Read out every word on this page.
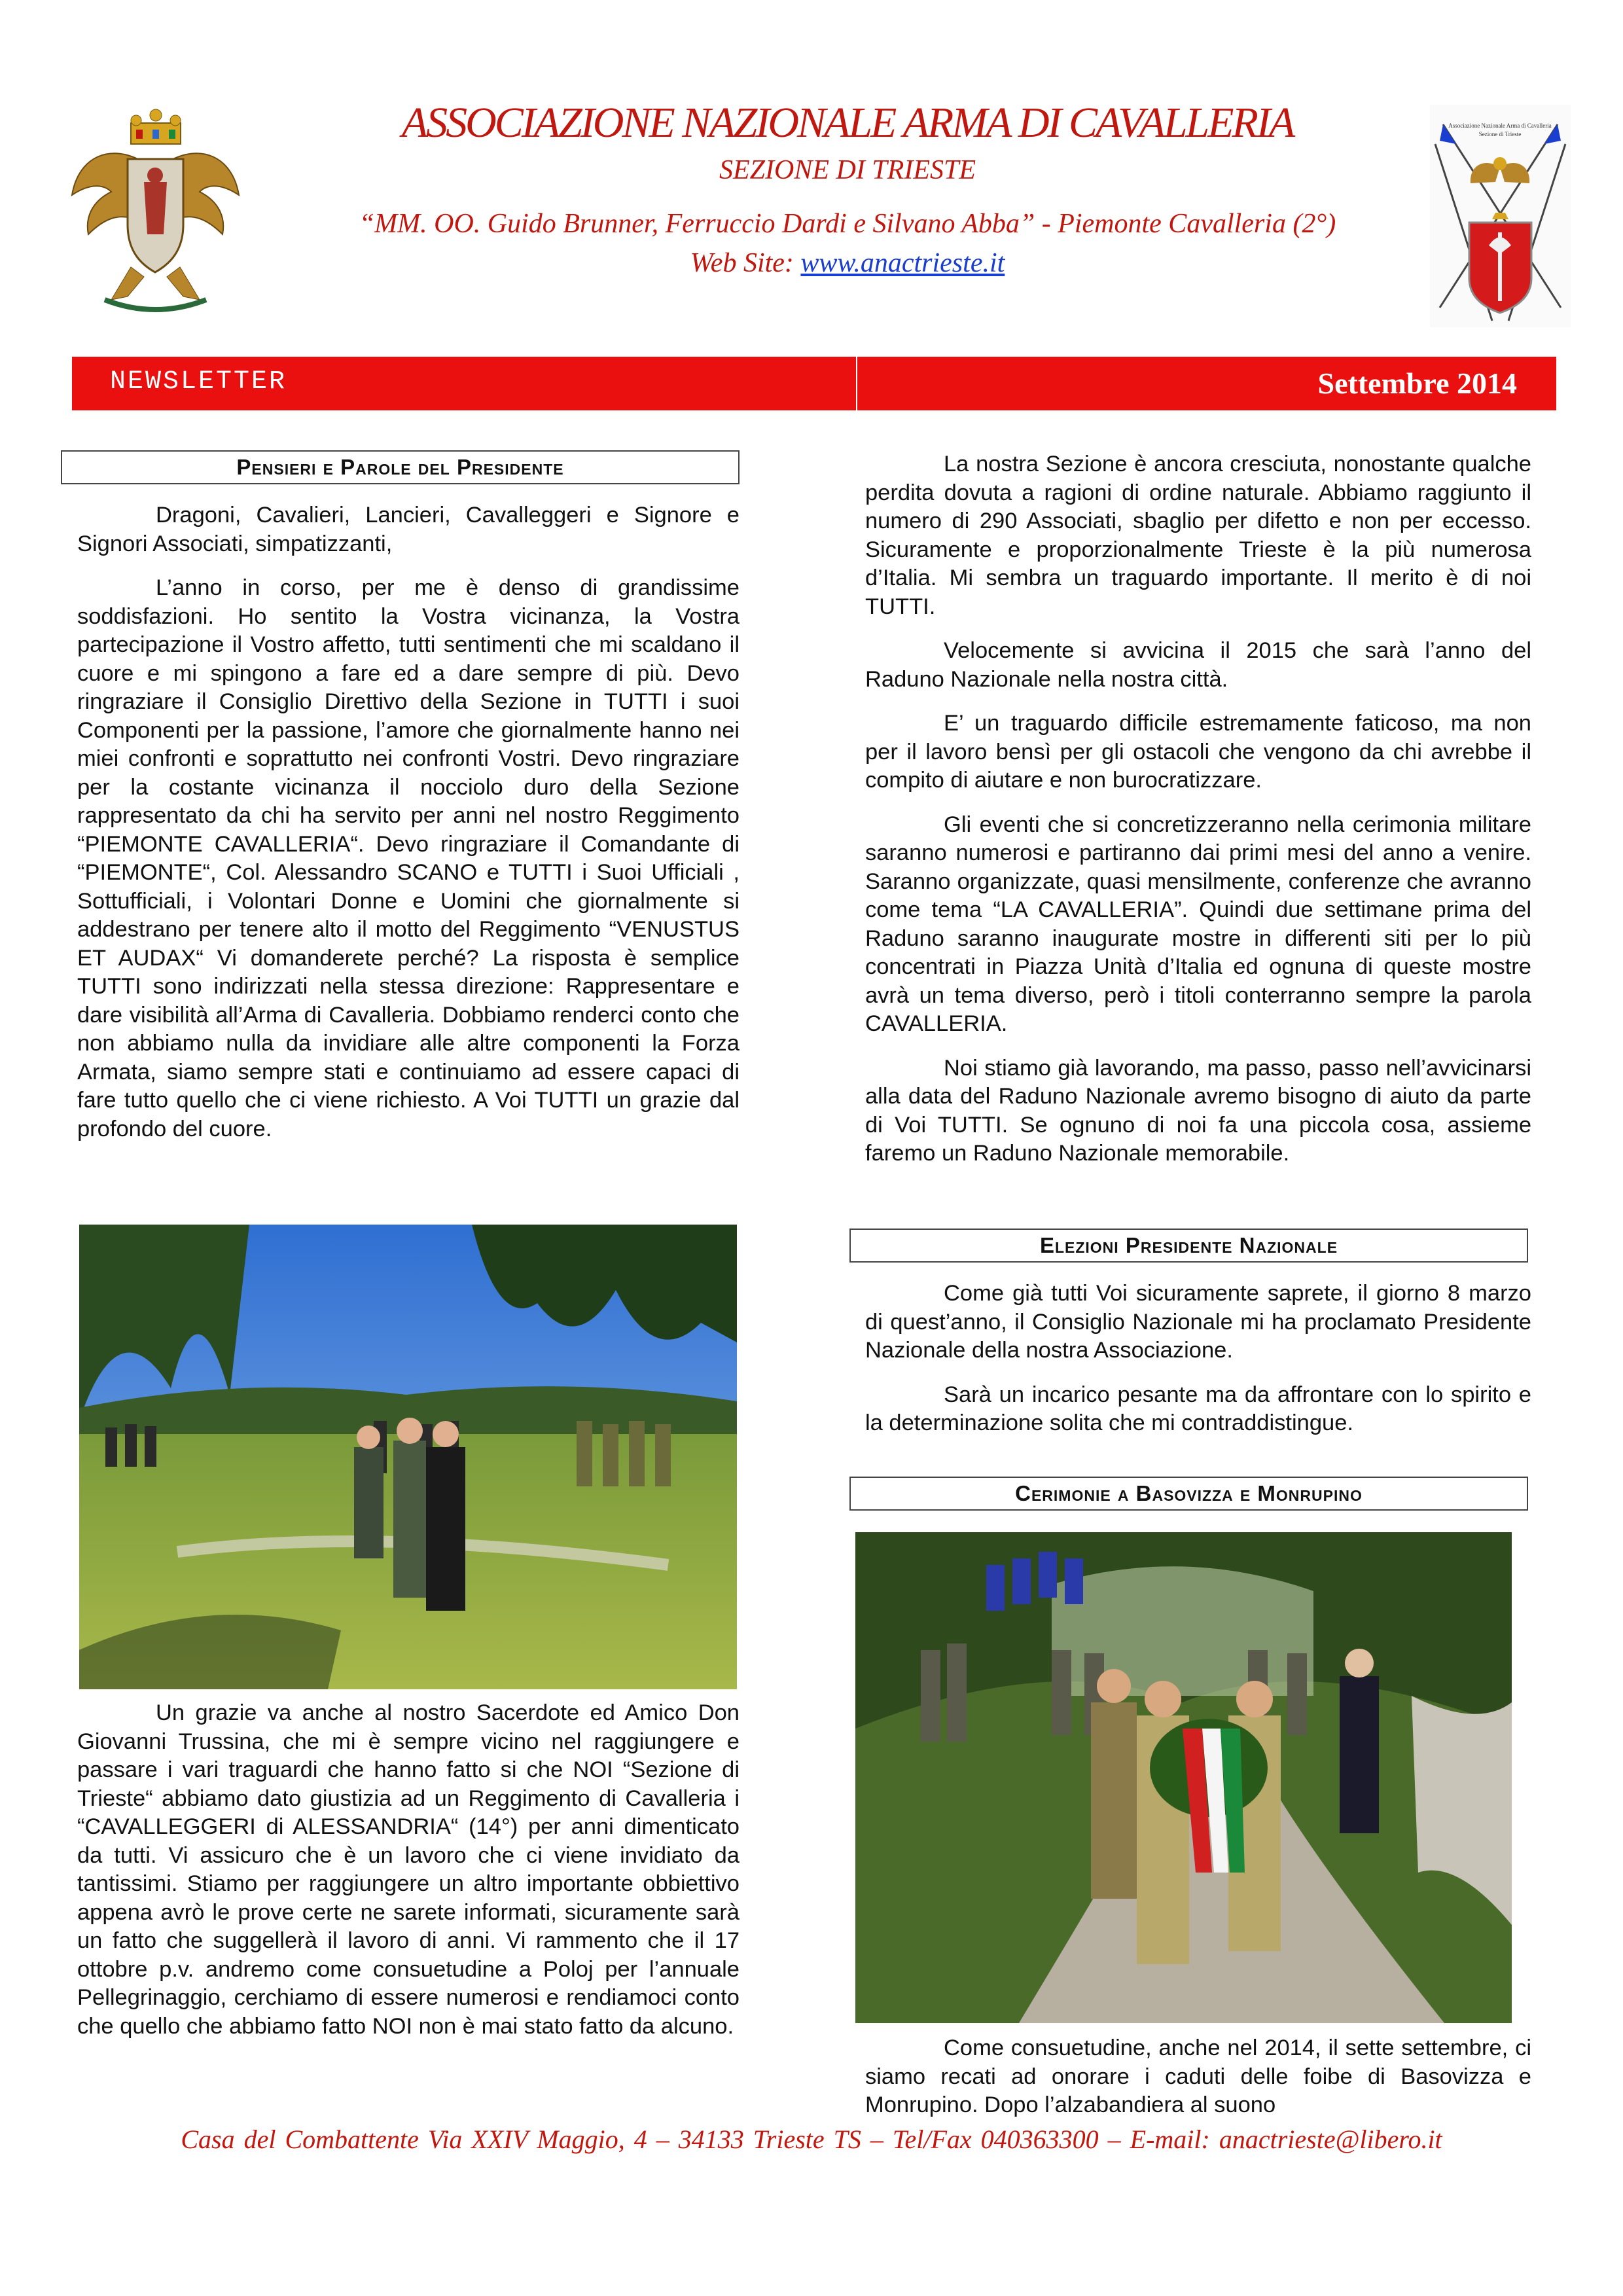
ASSOCIAZIONE NAZIONALE ARMA DI CAVALLERIA
SEZIONE DI TRIESTE
“MM. OO. Guido Brunner, Ferruccio Dardi e Silvano Abba” - Piemonte Cavalleria (2°)
Web Site: www.anactrieste.it
Associazione Nazionale Arma di Cavalleria
Sezione di Trieste
NEWSLETTER	Settembre 2014
Pensieri e Parole del Presidente

Dragoni, Cavalieri, Lancieri, Cavalleggeri e Signore e Signori Associati, simpatizzanti,

L’anno in corso, per me è denso di grandissime soddisfazioni. Ho sentito la Vostra vicinanza, la Vostra partecipazione il Vostro affetto, tutti sentimenti che mi scaldano il cuore e mi spingono a fare ed a dare sempre di più. Devo ringraziare il Consiglio Direttivo della Sezione in TUTTI i suoi Componenti per la passione, l’amore che giornalmente hanno nei miei confronti e soprattutto nei confronti Vostri. Devo ringraziare per la costante vicinanza il nocciolo duro della Sezione rappresentato da chi ha servito per anni nel nostro Reggimento “PIEMONTE CAVALLERIA“. Devo ringraziare il Comandante di “PIEMONTE“, Col. Alessandro SCANO e TUTTI i Suoi Ufficiali , Sottufficiali, i Volontari Donne e Uomini che giornalmente si addestrano per tenere alto il motto del Reggimento “VENUSTUS ET AUDAX“ Vi domanderete perché? La risposta è semplice TUTTI sono indirizzati nella stessa direzione: Rappresentare e dare visibilità all’Arma di Cavalleria. Dobbiamo renderci conto che non abbiamo nulla da invidiare alle altre componenti la Forza Armata, siamo sempre stati e continuiamo ad essere capaci di fare tutto quello che ci viene richiesto. A Voi TUTTI un grazie dal profondo del cuore.

Un grazie va anche al nostro Sacerdote ed Amico Don Giovanni Trussina, che mi è sempre vicino nel raggiungere e passare i vari traguardi che hanno fatto si che NOI “Sezione di Trieste“ abbiamo dato giustizia ad un Reggimento di Cavalleria i “CAVALLEGGERI di ALESSANDRIA“ (14°) per anni dimenticato da tutti. Vi assicuro che è un lavoro che ci viene invidiato da tantissimi. Stiamo per raggiungere un altro importante obbiettivo appena avrò le prove certe ne sarete informati, sicuramente sarà un fatto che suggellerà il lavoro di anni. Vi rammento che il 17 ottobre p.v. andremo come consuetudine a Poloj per l’annuale Pellegrinaggio, cerchiamo di essere numerosi e rendiamoci conto che quello che abbiamo fatto NOI non è mai stato fatto da alcuno.

La nostra Sezione è ancora cresciuta, nonostante qualche perdita dovuta a ragioni di ordine naturale. Abbiamo raggiunto il numero di 290 Associati, sbaglio per difetto e non per eccesso. Sicuramente e proporzionalmente Trieste è la più numerosa d’Italia. Mi sembra un traguardo importante. Il merito è di noi TUTTI.

Velocemente si avvicina il 2015 che sarà l’anno del Raduno Nazionale nella nostra città.

E’ un traguardo difficile estremamente faticoso, ma non per il lavoro bensì per gli ostacoli che vengono da chi avrebbe il compito di aiutare e non burocratizzare.

Gli eventi che si concretizzeranno nella cerimonia militare saranno numerosi e partiranno dai primi mesi del anno a venire. Saranno organizzate, quasi mensilmente, conferenze che avranno come tema “LA CAVALLERIA”. Quindi due settimane prima del Raduno saranno inaugurate mostre in differenti siti per lo più concentrati in Piazza Unità d’Italia ed ognuna di queste mostre avrà un tema diverso, però i titoli conterranno sempre la parola CAVALLERIA.

Noi stiamo già lavorando, ma passo, passo nell’avvicinarsi alla data del Raduno Nazionale avremo bisogno di aiuto da parte di Voi TUTTI. Se ognuno di noi fa una piccola cosa, assieme faremo un Raduno Nazionale memorabile.

Elezioni Presidente Nazionale

Come già tutti Voi sicuramente saprete, il giorno 8 marzo di quest’anno, il Consiglio Nazionale mi ha proclamato Presidente Nazionale della nostra Associazione.

Sarà un incarico pesante ma da affrontare con lo spirito e la determinazione solita che mi contraddistingue.

Cerimonie a Basovizza e Monrupino

Come consuetudine, anche nel 2014, il sette settembre, ci siamo recati ad onorare i caduti delle foibe di Basovizza e Monrupino. Dopo l’alzabandiera al suono

Casa del Combattente Via XXIV Maggio, 4 – 34133 Trieste TS – Tel/Fax 040363300 – E-mail: anactrieste@libero.it
